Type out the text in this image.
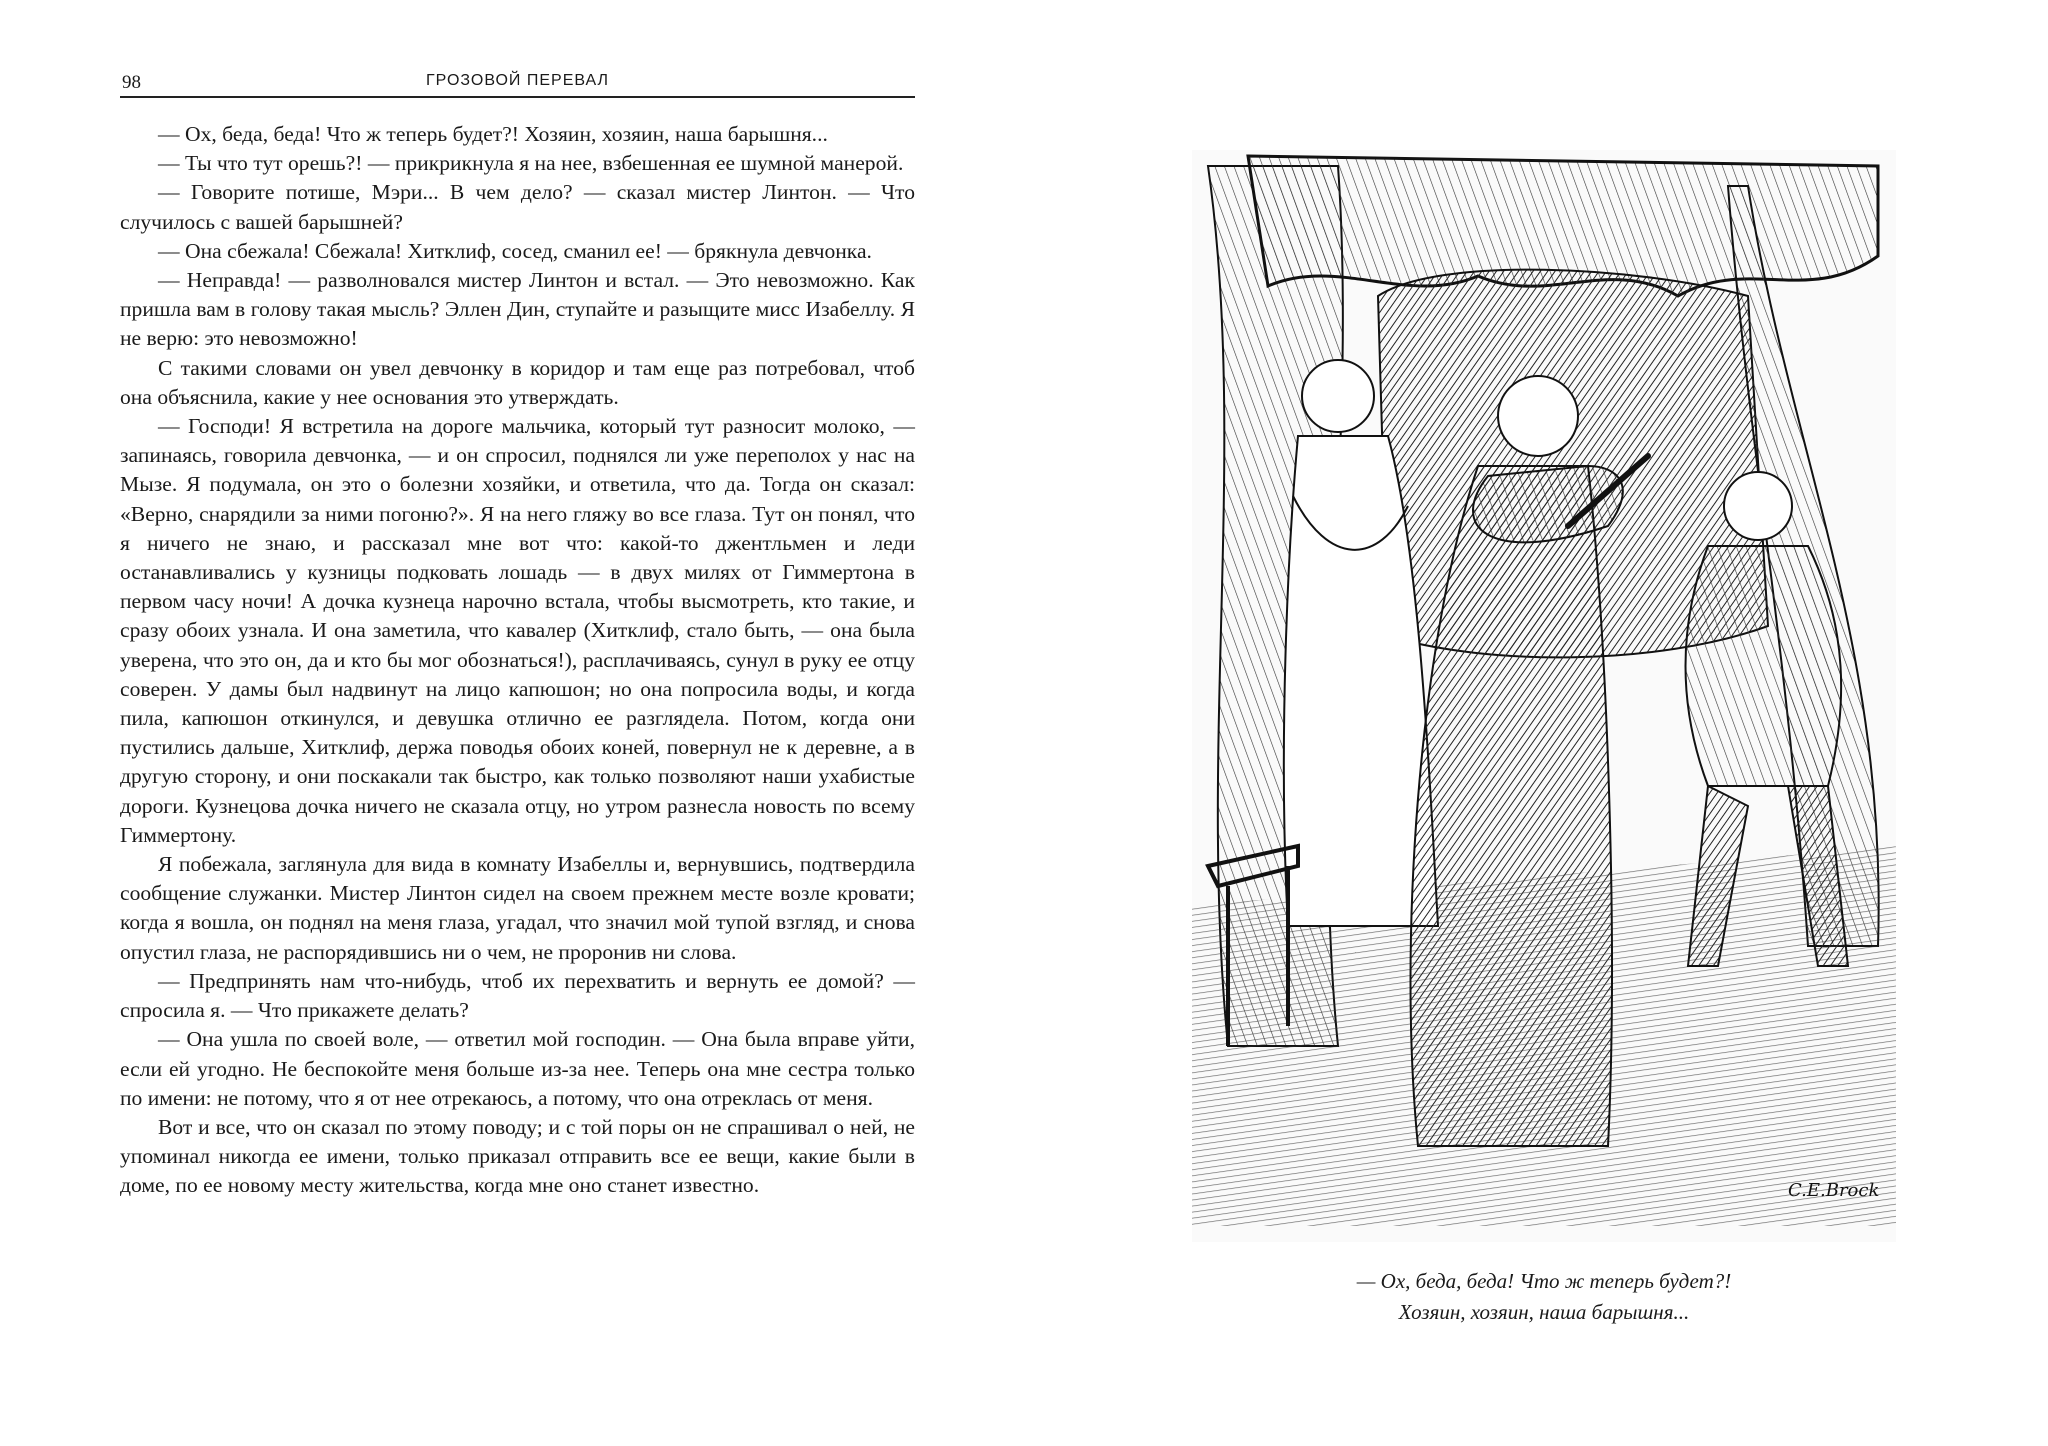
98	ГРОЗОВОЙ ПЕРЕВАЛ

— Ох, беда, беда! Что ж теперь будет?! Хозяин, хозяин, наша барышня...

— Ты что тут орешь?! — прикрикнула я на нее, взбешенная ее шумной манерой.

— Говорите потише, Мэри... В чем дело? — сказал мистер Линтон. — Что случилось с вашей барышней?

— Она сбежала! Сбежала! Хитклиф, сосед, сманил ее! — брякнула девчонка.

— Неправда! — разволновался мистер Линтон и встал. — Это невозможно. Как пришла вам в голову такая мысль? Эллен Дин, ступайте и разыщите мисс Изабеллу. Я не верю: это невозможно!

С такими словами он увел девчонку в коридор и там еще раз потребовал, чтоб она объяснила, какие у нее основания это утверждать.

— Господи! Я встретила на дороге мальчика, который тут разносит молоко, — запинаясь, говорила девчонка, — и он спросил, поднялся ли уже переполох у нас на Мызе. Я подумала, он это о болезни хозяйки, и ответила, что да. Тогда он сказал: «Верно, снарядили за ними погоню?». Я на него гляжу во все глаза. Тут он понял, что я ничего не знаю, и рассказал мне вот что: какой-то джентльмен и леди останавливались у кузницы подковать лошадь — в двух милях от Гиммертона в первом часу ночи! А дочка кузнеца нарочно встала, чтобы высмотреть, кто такие, и сразу обоих узнала. И она заметила, что кавалер (Хитклиф, стало быть, — она была уверена, что это он, да и кто бы мог обознаться!), расплачиваясь, сунул в руку ее отцу соверен. У дамы был надвинут на лицо капюшон; но она попросила воды, и когда пила, капюшон откинулся, и девушка отлично ее разглядела. Потом, когда они пустились дальше, Хитклиф, держа поводья обоих коней, повернул не к деревне, а в другую сторону, и они поскакали так быстро, как только позволяют наши ухабистые дороги. Кузнецова дочка ничего не сказала отцу, но утром разнесла новость по всему Гиммертону.

Я побежала, заглянула для вида в комнату Изабеллы и, вернувшись, подтвердила сообщение служанки. Мистер Линтон сидел на своем прежнем месте возле кровати; когда я вошла, он поднял на меня глаза, угадал, что значил мой тупой взгляд, и снова опустил глаза, не распорядившись ни о чем, не проронив ни слова.

— Предпринять нам что-нибудь, чтоб их перехватить и вернуть ее домой? — спросила я. — Что прикажете делать?

— Она ушла по своей воле, — ответил мой господин. — Она была вправе уйти, если ей угодно. Не беспокойте меня больше из-за нее. Теперь она мне сестра только по имени: не потому, что я от нее отрекаюсь, а потому, что она отреклась от меня.

Вот и все, что он сказал по этому поводу; и с той поры он не спрашивал о ней, не упоминал никогда ее имени, только приказал отправить все ее вещи, какие были в доме, по ее новому месту жительства, когда мне оно станет известно.	C.E.Brock
— Ох, беда, беда! Что ж теперь будет?!
Хозяин, хозяин, наша барышня...
